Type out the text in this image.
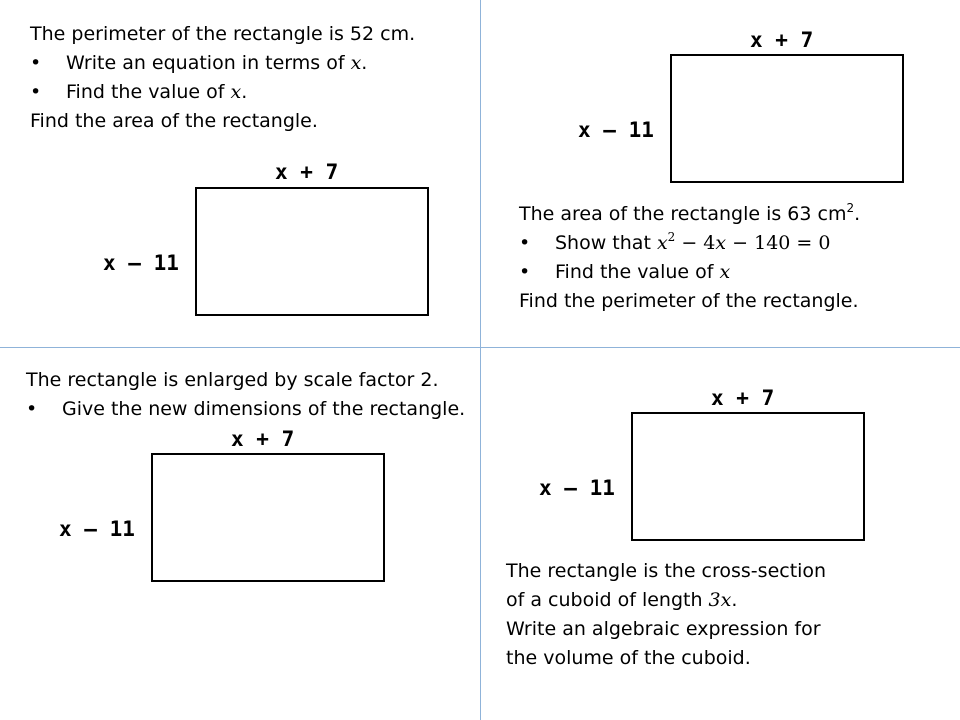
The perimeter of the rectangle is 52 cm.
• Write an equation in terms of x.
• Find the value of x.
Find the area of the rectangle.
x + 7
x – 11
x + 7
x – 11
The area of the rectangle is 63 $cm^2$.
• Show that $x^2 - 4x - 140 = 0$
• Find the value of x
Find the perimeter of the rectangle.
The rectangle is enlarged by scale factor 2.
• Give the new dimensions of the rectangle.
x + 7
x – 11
x + 7
x – 11
The rectangle is the cross-section
of a cuboid of length 3x.
Write an algebraic expression for
the volume of the cuboid.
